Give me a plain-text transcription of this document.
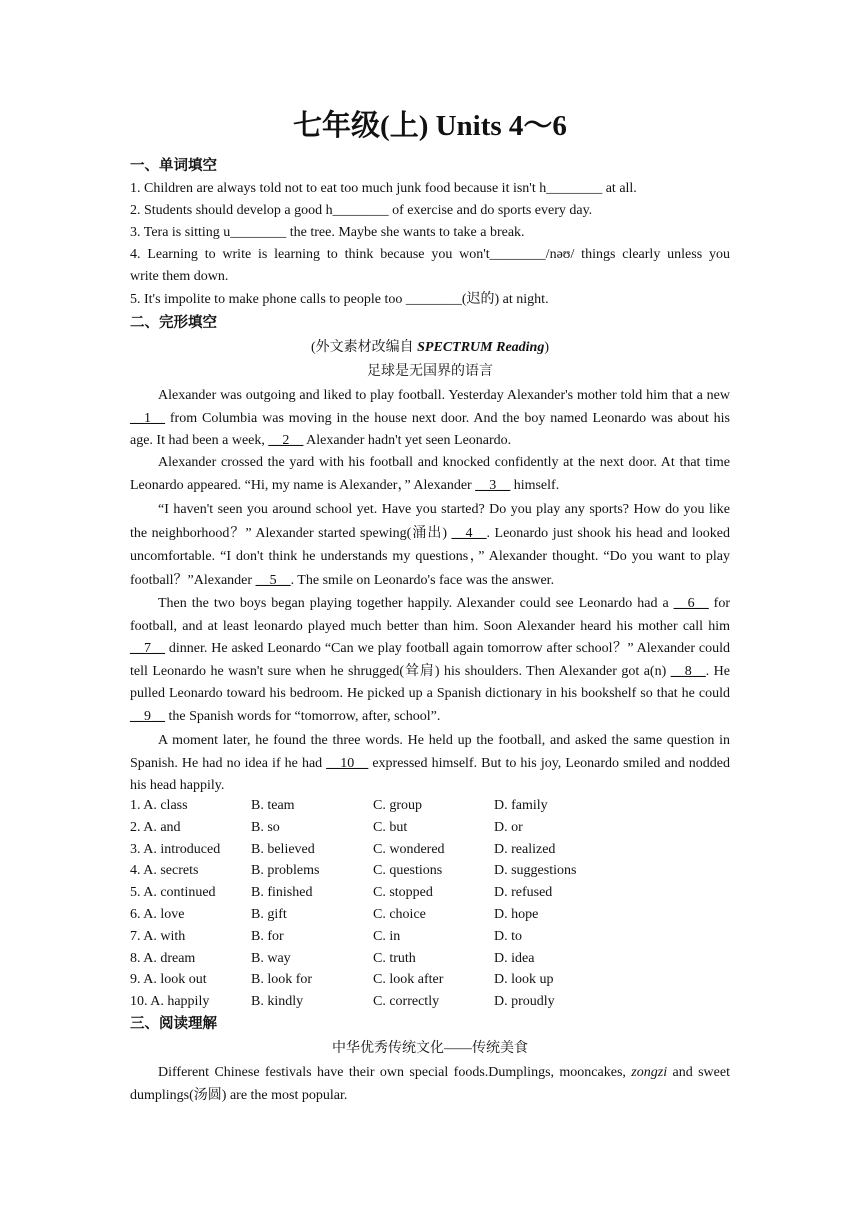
七年级(上) Units 4～6
一、单词填空
1. Children are always told not to eat too much junk food because it isn't h________ at all.
2. Students should develop a good h________ of exercise and do sports every day.
3. Tera is sitting u________ the tree. Maybe she wants to take a break.
4. Learning to write is learning to think because you won't________/nəʊ/ things clearly unless you
write them down.
5. It's impolite to make phone calls to people too ________(迟的) at night.
二、完形填空
(外文素材改编自 SPECTRUM Reading)
足球是无国界的语言
Alexander was outgoing and liked to play football. Yesterday Alexander's mother told him that a new __1__ from Columbia was moving in the house next door. And the boy named Leonardo was about his age. It had been a week, __2__ Alexander hadn't yet seen Leonardo.
Alexander crossed the yard with his football and knocked confidently at the next door. At that time Leonardo appeared. “Hi, my name is Alexander，” Alexander __3__ himself.
“I haven't seen you around school yet. Have you started? Do you play any sports? How do you like the neighborhood？” Alexander started spewing(涌出) __4__. Leonardo just shook his head and looked uncomfortable. “I don't think he understands my questions，” Alexander thought. “Do you want to play football？”Alexander __5__. The smile on Leonardo's face was the answer.
Then the two boys began playing together happily. Alexander could see Leonardo had a __6__ for football, and at least leonardo played much better than him. Soon Alexander heard his mother call him __7__ dinner. He asked Leonardo “Can we play football again tomorrow after school？” Alexander could tell Leonardo he wasn't sure when he shrugged(耸肩) his shoulders. Then Alexander got a(n) __8__. He pulled Leonardo toward his bedroom. He picked up a Spanish dictionary in his bookshelf so that he could __9__ the Spanish words for “tomorrow, after, school”.
A moment later, he found the three words. He held up the football, and asked the same question in Spanish. He had no idea if he had __10__ expressed himself. But to his joy, Leonardo smiled and nodded his head happily.
1. A. class	B. team	C. group	D. family
2. A. and	B. so	C. but	D. or
3. A. introduced B. believed	C. wondered	D. realized
4. A. secrets	B. problems	C. questions	D. suggestions
5. A. continued	B. finished	C. stopped	D. refused
6. A. love	B. gift	C. choice	D. hope
7. A. with	B. for	C. in	D. to
8. A. dream	B. way	C. truth	D. idea
9. A. look out	B. look for	C. look after	D. look up
10. A. happily	B. kindly	C. correctly	D. proudly
三、阅读理解
中华优秀传统文化——传统美食
Different Chinese festivals have their own special foods.Dumplings, mooncakes, zongzi and sweet dumplings(汤圆) are the most popular.
